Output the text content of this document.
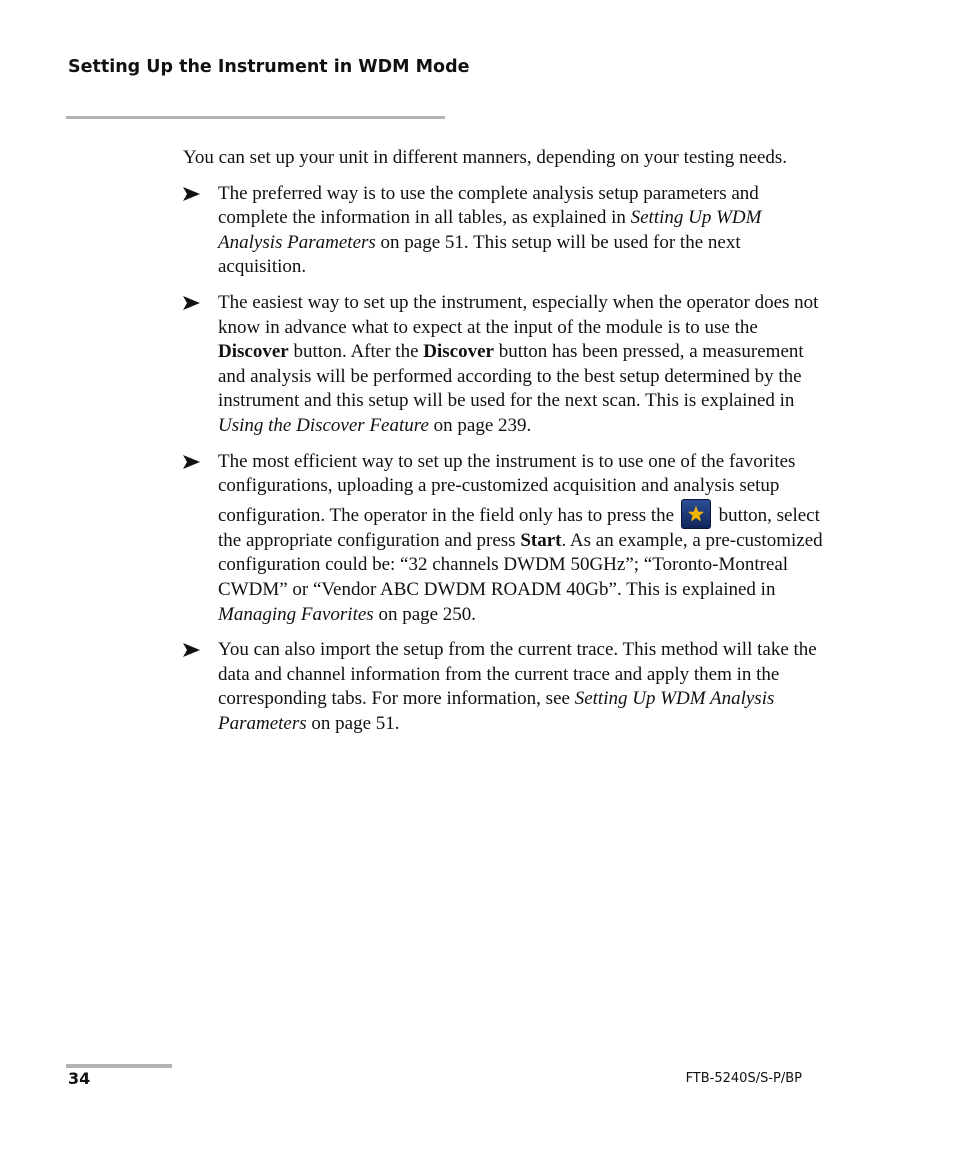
Setting Up the Instrument in WDM Mode

You can set up your unit in different manners, depending on your testing needs.

The preferred way is to use the complete analysis setup parameters and complete the information in all tables, as explained in Setting Up WDM Analysis Parameters on page 51. This setup will be used for the next acquisition.
The easiest way to set up the instrument, especially when the operator does not know in advance what to expect at the input of the module is to use the Discover button. After the Discover button has been pressed, a measurement and analysis will be performed according to the best setup determined by the instrument and this setup will be used for the next scan. This is explained in Using the Discover Feature on page 239.
The most efficient way to set up the instrument is to use one of the favorites configurations, uploading a pre-customized acquisition and analysis setup configuration. The operator in the field only has to press the
button, select the appropriate configuration and press Start. As an example, a pre-customized configuration could be: “32 channels DWDM 50GHz”; “Toronto-Montreal CWDM” or “Vendor ABC DWDM ROADM 40Gb”. This is explained in Managing Favorites on page 250.
You can also import the setup from the current trace. This method will take the data and channel information from the current trace and apply them in the corresponding tabs. For more information, see Setting Up WDM Analysis Parameters on page 51.
34	FTB-5240S/S-P/BP
